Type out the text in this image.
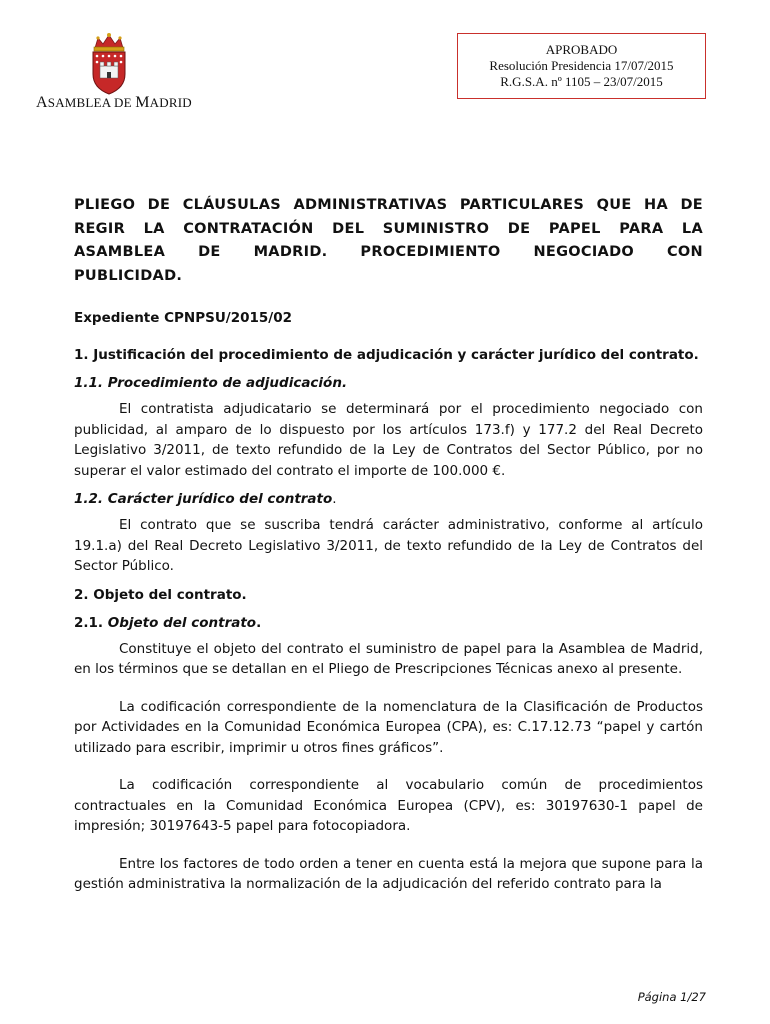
ASAMBLEA DE MADRID
APROBADO
Resolución Presidencia 17/07/2015
R.G.S.A. nº 1105 – 23/07/2015
PLIEGO DE CLÁUSULAS ADMINISTRATIVAS PARTICULARES QUE HA DE
REGIR LA CONTRATACIÓN DEL SUMINISTRO DE PAPEL PARA LA
ASAMBLEA DE MADRID. PROCEDIMIENTO NEGOCIADO CON
PUBLICIDAD.
Expediente CPNPSU/2015/02
1. Justificación del procedimiento de adjudicación y carácter jurídico del contrato.
1.1. Procedimiento de adjudicación.

El contratista adjudicatario se determinará por el procedimiento negociado con publicidad, al amparo de lo dispuesto por los artículos 173.f) y 177.2 del Real Decreto Legislativo 3/2011, de texto refundido de la Ley de Contratos del Sector Público, por no superar el valor estimado del contrato el importe de 100.000 €.

1.2. Carácter jurídico del contrato.

El contrato que se suscriba tendrá carácter administrativo, conforme al artículo 19.1.a) del Real Decreto Legislativo 3/2011, de texto refundido de la Ley de Contratos del Sector Público.

2. Objeto del contrato.
2.1. Objeto del contrato.

Constituye el objeto del contrato el suministro de papel para la Asamblea de Madrid, en los términos que se detallan en el Pliego de Prescripciones Técnicas anexo al presente.

La codificación correspondiente de la nomenclatura de la Clasificación de Productos por Actividades en la Comunidad Económica Europea (CPA), es: C.17.12.73 “papel y cartón utilizado para escribir, imprimir u otros fines gráficos”.

La codificación correspondiente al vocabulario común de procedimientos contractuales en la Comunidad Económica Europea (CPV), es: 30197630-1 papel de impresión; 30197643-5 papel para fotocopiadora.

Entre los factores de todo orden a tener en cuenta está la mejora que supone para la gestión administrativa la normalización de la adjudicación del referido contrato para la

Página 1/27
